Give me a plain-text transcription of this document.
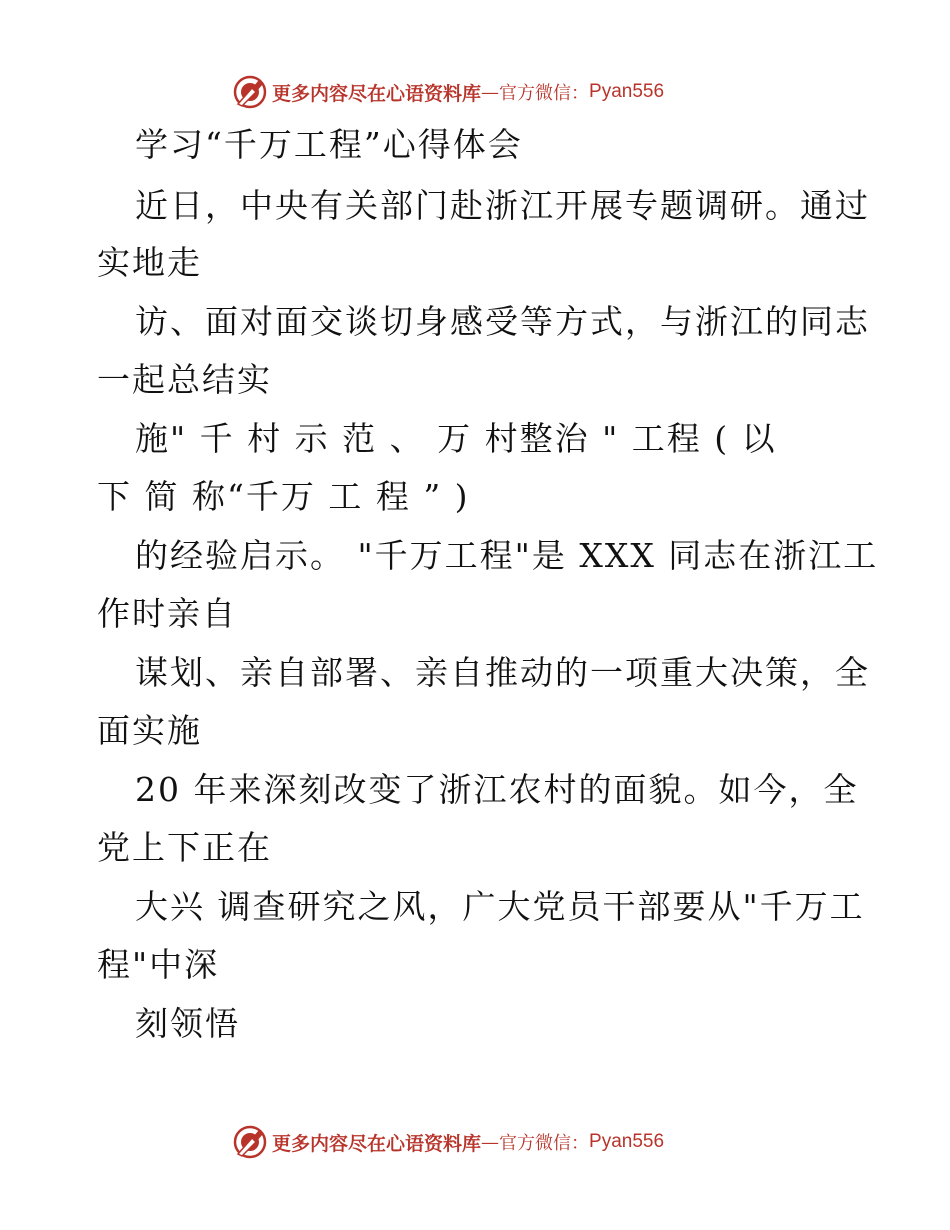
更多内容尽在心语资料库 — 官方微信： Pyan556
学习“千万工程”心得体会
近日，中央有关部门赴浙江开展专题调研。通过
实地走
访、面对面交谈切身感受等方式，与浙江的同志
一起总结实
施" 千 村 示 范 、 万 村整治 " 工程 ( 以
下 简 称“千万 工 程 ” )
的经验启示。 "千万工程"是 XXX 同志在浙江工
作时亲自
谋划、亲自部署、亲自推动的一项重大决策，全
面实施
20 年来深刻改变了浙江农村的面貌。如今，全
党上下正在
大兴 调查研究之风，广大党员干部要从"千万工
程"中深
刻领悟
更多内容尽在心语资料库 — 官方微信： Pyan556
